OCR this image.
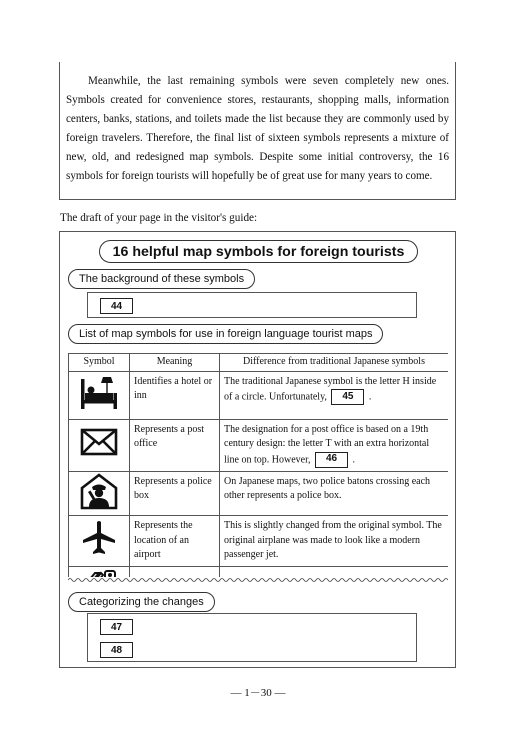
Meanwhile, the last remaining symbols were seven completely new ones. Symbols created for convenience stores, restaurants, shopping malls, information centers, banks, stations, and toilets made the list because they are commonly used by foreign travelers. Therefore, the final list of sixteen symbols represents a mixture of new, old, and redesigned map symbols. Despite some initial controversy, the 16 symbols for foreign tourists will hopefully be of great use for many years to come.

The draft of your page in the visitor's guide:
16 helpful map symbols for foreign tourists
The background of these symbols
44
List of map symbols for use in foreign language tourist maps
Symbol	Meaning	Difference from traditional Japanese symbols
	Identifies a hotel or inn	The traditional Japanese symbol is the letter H inside of a circle. Unfortunately, 45 .
	Represents a post office	The designation for a post office is based on a 19th century design: the letter T with an extra horizontal line on top. However, 46 .
	Represents a police box	On Japanese maps, two police batons crossing each other represents a police box.
	Represents the location of an airport	This is slightly changed from the original symbol. The original airplane was made to look like a modern passenger jet.

Categorizing the changes
47
48
— 1－30 —
